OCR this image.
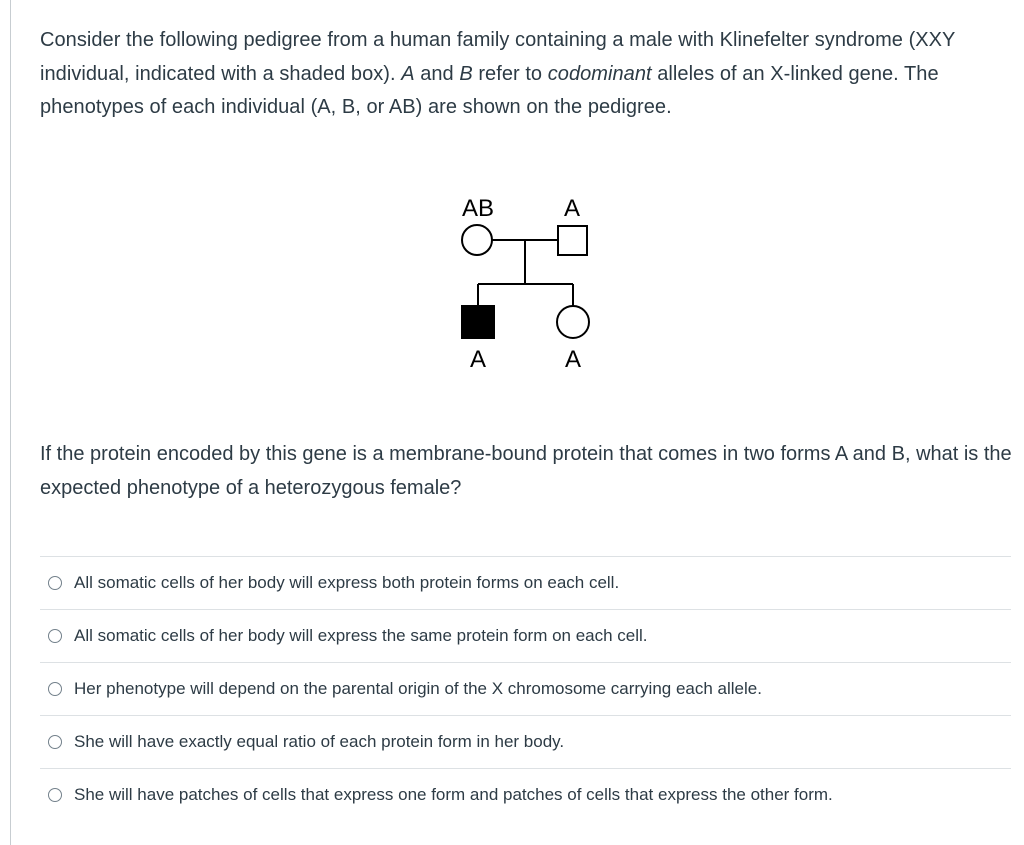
Consider the following pedigree from a human family containing a male with Klinefelter syndrome (XXY individual, indicated with a shaded box). A and B refer to codominant alleles of an X-linked gene. The phenotypes of each individual (A, B, or AB) are shown on the pedigree.

AB	A
A	A
If the protein encoded by this gene is a membrane-bound protein that comes in two forms A and B, what is the expected phenotype of a heterozygous female?
All somatic cells of her body will express both protein forms on each cell.
All somatic cells of her body will express the same protein form on each cell.
Her phenotype will depend on the parental origin of the X chromosome carrying each allele.
She will have exactly equal ratio of each protein form in her body.
She will have patches of cells that express one form and patches of cells that express the other form.
